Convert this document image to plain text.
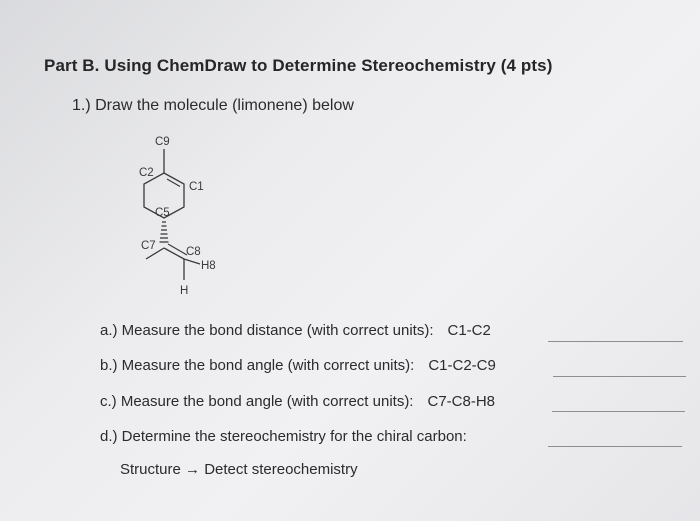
Part B. Using ChemDraw to Determine Stereochemistry (4 pts)
1.) Draw the molecule (limonene) below
C9
C2
C1
C5
C7	C8
H8
H
a.) Measure the bond distance (with correct units): C1-C2
b.) Measure the bond angle (with correct units): C1-C2-C9
c.) Measure the bond angle (with correct units): C7-C8-H8
d.) Determine the stereochemistry for the chiral carbon:
Structure → Detect stereochemistry
